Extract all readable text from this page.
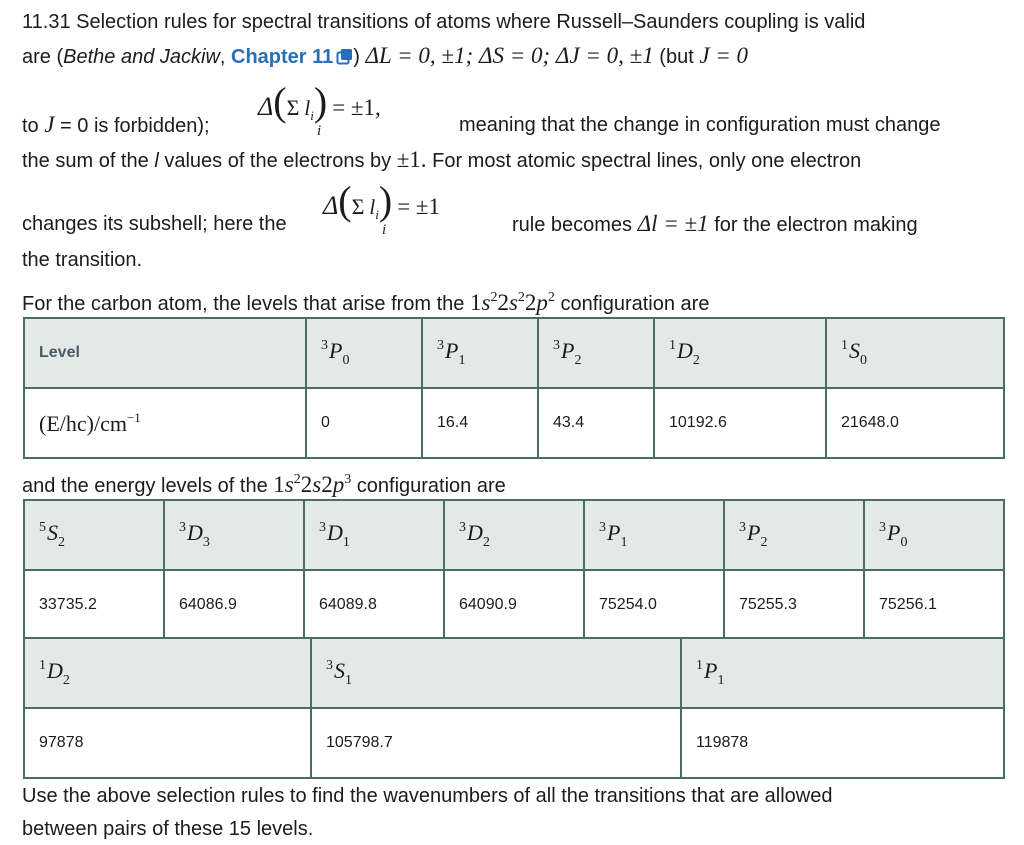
11.31 Selection rules for spectral transitions of atoms where Russell–Saunders coupling is valid
are (Bethe and Jackiw, Chapter 11 ) ΔL = 0, ±1; ΔS = 0; ΔJ = 0, ±1 (but J = 0
to J = 0 is forbidden);
Δ(Σ $l_i$)
i
= ±1,
meaning that the change in configuration must change
the sum of the l values of the electrons by ±1. For most atomic spectral lines, only one electron
changes its subshell; here the
Δ(Σ $l_i$)
i
= ±1
rule becomes Δl = ±1 for the electron making
the transition.
For the carbon atom, the levels that arise from the $1s^22s^22p^2$ configuration are
Level	$^3P_0$	$^3P_1$	$^3P_2$	$^1D_2$	$^1S_0$
$(E/hc)/cm^{-1}$	0	16.4	43.4	10192.6	21648.0
and the energy levels of the $1s^22s2p^3$ configuration are
$^5S_2$	$^3D_3$	$^3D_1$	$^3D_2$	$^3P_1$	$^3P_2$	$^3P_0$
33735.2	64086.9	64089.8	64090.9	75254.0	75255.3	75256.1
$^1D_2$	$^3S_1$	$^1P_1$
97878	105798.7	119878
Use the above selection rules to find the wavenumbers of all the transitions that are allowed
between pairs of these 15 levels.
